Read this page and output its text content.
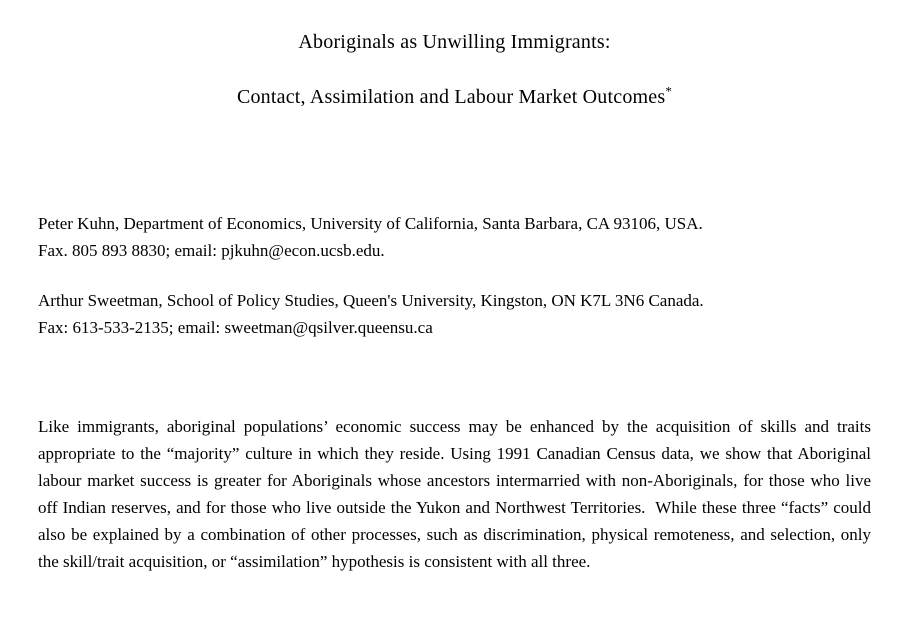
Aboriginals as Unwilling Immigrants:
Contact, Assimilation and Labour Market Outcomes*

Peter Kuhn, Department of Economics, University of California, Santa Barbara, CA 93106, USA.
Fax. 805 893 8830; email: pjkuhn@econ.ucsb.edu.

Arthur Sweetman, School of Policy Studies, Queen's University, Kingston, ON K7L 3N6 Canada.
Fax: 613-533-2135; email: sweetman@qsilver.queensu.ca

Like immigrants, aboriginal populations’ economic success may be enhanced by the acquisition of skills and traits appropriate to the “majority” culture in which they reside. Using 1991 Canadian Census data, we show that Aboriginal labour market success is greater for Aboriginals whose ancestors intermarried with non-Aboriginals, for those who live off Indian reserves, and for those who live outside the Yukon and Northwest Territories.  While these three “facts” could also be explained by a combination of other processes, such as discrimination, physical remoteness, and selection, only the skill/trait acquisition, or “assimilation” hypothesis is consistent with all three.
